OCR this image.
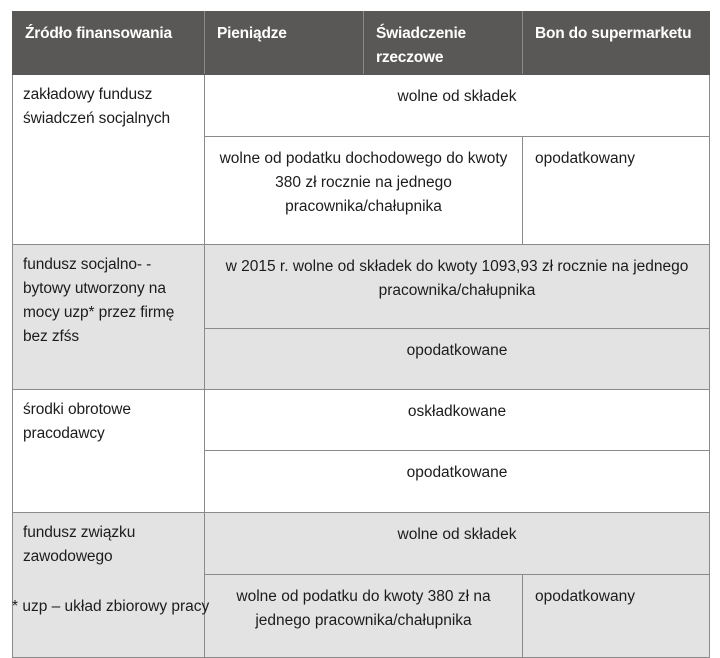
Źródło finansowania	Pieniądze	Świadczenie rzeczowe	Bon do supermarketu
zakładowy fundusz świadczeń socjalnych	wolne od składek		
	wolne od podatku dochodowego do kwoty 380 zł rocznie na jednego pracownika/chałupnika		opodatkowany
fundusz socjalno- -bytowy utworzony na mocy uzp* przez firmę bez zfśs	w 2015 r. wolne od składek do kwoty 1093,93 zł rocznie na jednego pracownika/chałupnika		
	opodatkowane		
środki obrotowe pracodawcy	oskładkowane		
	opodatkowane		
fundusz związku zawodowego	wolne od składek		
	wolne od podatku do kwoty 380 zł na jednego pracownika/chałupnika		opodatkowany
* uzp – układ zbiorowy pracy
